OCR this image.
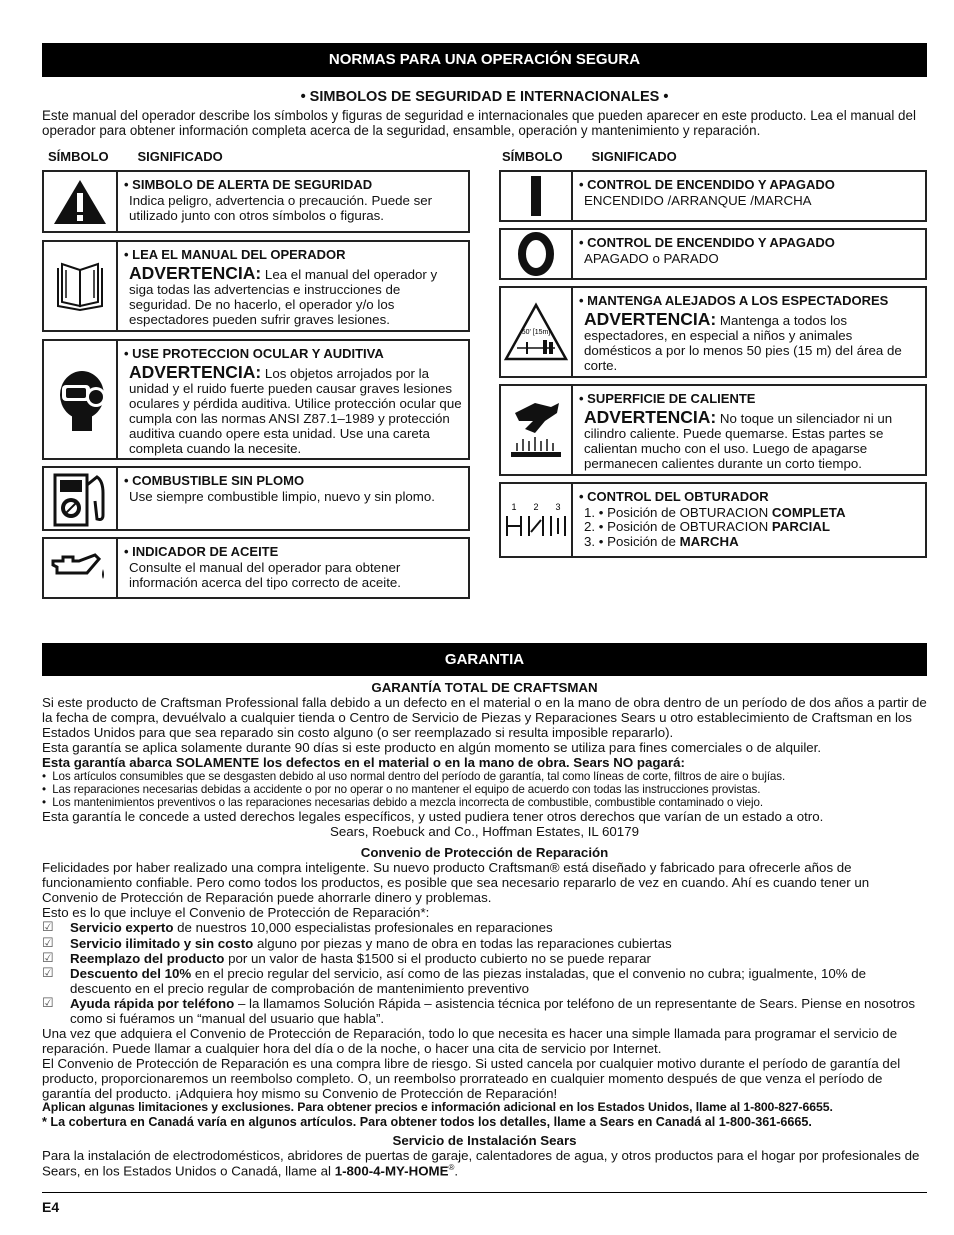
NORMAS PARA UNA OPERACIÓN SEGURA
• SIMBOLOS DE SEGURIDAD E INTERNACIONALES •
Este manual del operador describe los símbolos y figuras de seguridad e internacionales que pueden aparecer en este producto. Lea el manual del operador para obtener información completa acerca de la seguridad, ensamble, operación y mantenimiento y reparación.
SÍMBOLO SIGNIFICADO	SÍMBOLO SIGNIFICADO
• SIMBOLO DE ALERTA DE SEGURIDAD
Indica peligro, advertencia o precaución. Puede ser utilizado junto con otros símbolos o figuras.
• LEA EL MANUAL DEL OPERADOR
ADVERTENCIA: Lea el manual del operador y siga todas las advertencias e instrucciones de seguridad. De no hacerlo, el operador y/o los espectadores pueden sufrir graves lesiones.
• USE PROTECCION OCULAR Y AUDITIVA
ADVERTENCIA: Los objetos arrojados por la unidad y el ruido fuerte pueden causar graves lesiones oculares y pérdida auditiva. Utilice protección ocular que cumpla con las normas ANSI Z87.1–1989 y protección auditiva cuando opere esta unidad. Use una careta completa cuando la necesite.
• COMBUSTIBLE SIN PLOMO
Use siempre combustible limpio, nuevo y sin plomo.
• INDICADOR DE ACEITE
Consulte el manual del operador para obtener información acerca del tipo correcto de aceite.
• CONTROL DE ENCENDIDO Y APAGADO
ENCENDIDO /ARRANQUE /MARCHA
• CONTROL DE ENCENDIDO Y APAGADO
APAGADO o PARADO
50' [15m]
• MANTENGA ALEJADOS A LOS ESPECTADORES
ADVERTENCIA: Mantenga a todos los espectadores, en especial a niños y animales domésticos a por lo menos 50 pies (15 m) del área de corte.
• SUPERFICIE DE CALIENTE
ADVERTENCIA: No toque un silenciador ni un cilindro caliente. Puede quemarse. Estas partes se calientan mucho con el uso. Luego de apagarse permanecen calientes durante un corto tiempo.
1 2 3
• CONTROL DEL OBTURADOR
1. • Posición de OBTURACION COMPLETA
2. • Posición de OBTURACION PARCIAL
3. • Posición de MARCHA
GARANTIA

GARANTÍA TOTAL DE CRAFTSMAN

Si este producto de Craftsman Professional falla debido a un defecto en el material o en la mano de obra dentro de un período de dos años a partir de la fecha de compra, devuélvalo a cualquier tienda o Centro de Servicio de Piezas y Reparaciones Sears u otro establecimiento de Craftsman en los Estados Unidos para que sea reparado sin costo alguno (o ser reemplazado si resulta imposible repararlo).

Esta garantía se aplica solamente durante 90 días si este producto en algún momento se utiliza para fines comerciales o de alquiler.

Esta garantía abarca SOLAMENTE los defectos en el material o en la mano de obra. Sears NO pagará:

•  Los artículos consumibles que se desgasten debido al uso normal dentro del período de garantía, tal como líneas de corte, filtros de aire o bujías.

•  Las reparaciones necesarias debidas a accidente o por no operar o no mantener el equipo de acuerdo con todas las instrucciones provistas.

•  Los mantenimientos preventivos o las reparaciones necesarias debido a mezcla incorrecta de combustible, combustible contaminado o viejo.

Esta garantía le concede a usted derechos legales específicos, y usted pudiera tener otros derechos que varían de un estado a otro.

Sears, Roebuck and Co., Hoffman Estates, IL 60179

Convenio de Protección de Reparación

Felicidades por haber realizado una compra inteligente. Su nuevo producto Craftsman® está diseñado y fabricado para ofrecerle años de funcionamiento confiable. Pero como todos los productos, es posible que sea necesario repararlo de vez en cuando. Ahí es cuando tener un Convenio de Protección de Reparación puede ahorrarle dinero y problemas.

Esto es lo que incluye el Convenio de Protección de Reparación*:

☑	Servicio experto de nuestros 10,000 especialistas profesionales en reparaciones
☑	Servicio ilimitado y sin costo alguno por piezas y mano de obra en todas las reparaciones cubiertas
☑	Reemplazo del producto por un valor de hasta $1500 si el producto cubierto no se puede reparar
☑	Descuento del 10% en el precio regular del servicio, así como de las piezas instaladas, que el convenio no cubra; igualmente, 10% de descuento en el precio regular de comprobación de mantenimiento preventivo
☑	Ayuda rápida por teléfono – la llamamos Solución Rápida – asistencia técnica por teléfono de un representante de Sears. Piense en nosotros como si fuéramos un “manual del usuario que habla”.

Una vez que adquiera el Convenio de Protección de Reparación, todo lo que necesita es hacer una simple llamada para programar el servicio de reparación. Puede llamar a cualquier hora del día o de la noche, o hacer una cita de servicio por Internet.

El Convenio de Protección de Reparación es una compra libre de riesgo. Si usted cancela por cualquier motivo durante el período de garantía del producto, proporcionaremos un reembolso completo. O, un reembolso prorrateado en cualquier momento después de que venza el período de garantía del producto. ¡Adquiera hoy mismo su Convenio de Protección de Reparación!

Aplican algunas limitaciones y exclusiones. Para obtener precios e información adicional en los Estados Unidos, llame al 1-800-827-6655.

* La cobertura en Canadá varía en algunos artículos. Para obtener todos los detalles, llame a Sears en Canadá al 1-800-361-6665.

Servicio de Instalación Sears

Para la instalación de electrodomésticos, abridores de puertas de garaje, calentadores de agua, y otros productos para el hogar por profesionales de Sears, en los Estados Unidos o Canadá, llame al 1-800-4-MY-HOME®.

E4
